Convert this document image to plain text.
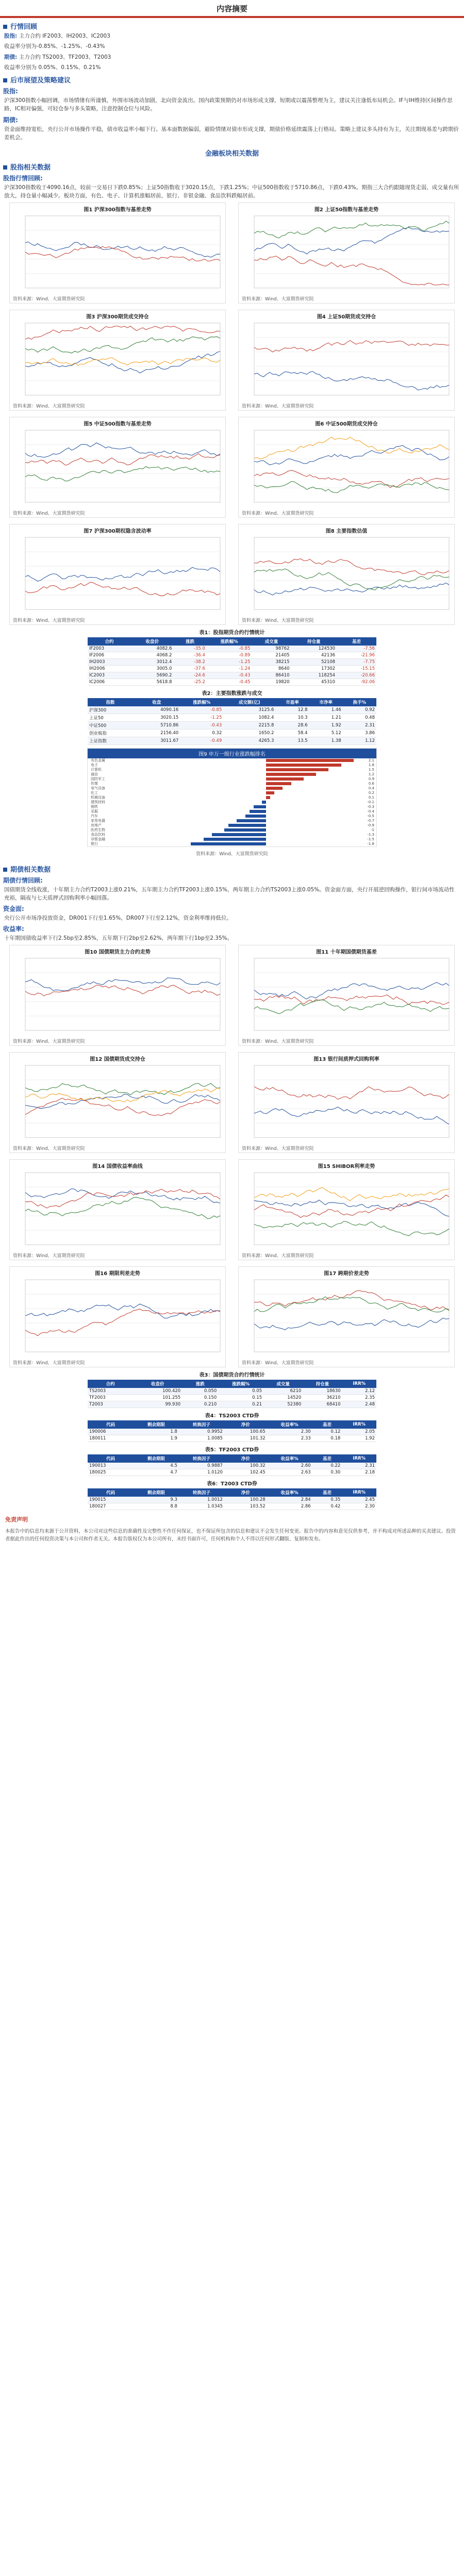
内容摘要
行情回顾
股指: 主力合约 IF2003、IH2003、IC2003
收益率分别为-0.85%、-1.25%、-0.43%
期债: 主力合约 TS2003、TF2003、T2003
收益率分别为 0.05%、0.15%、0.21%
后市展望及策略建议
股指:
沪深300指数小幅回调，市场情绪有所谨慎，外围市场波动加剧，北向资金流出。国内政策预期仍对市场形成支撑，短期或以震荡整理为主，建议关注逢低布局机会。IF与IH维持区间操作思路，IC相对偏强，可轻仓参与多头策略，注意控制仓位与风险。
期债:
资金面维持宽松，央行公开市场操作平稳，债市收益率小幅下行。基本面数据偏弱，避险情绪对债市形成支撑，期债价格延续震荡上行格局。策略上建议多头持有为主，关注期现基差与跨期价差机会。
金融板块相关数据
股指相关数据
股指行情回顾:
沪深300指数收于4090.16点，较前一交易日下跌0.85%；上证50指数收于3020.15点，下跌1.25%；中证500指数收于5710.86点，下跌0.43%。期指三大合约跟随现货走弱，成交量有所放大，持仓量小幅减少。板块方面，有色、电子、计算机涨幅居前，银行、非银金融、食品饮料跌幅居前。
图1 沪深300指数与基差走势
资料来源：Wind、大富期货研究院
图2 上证50指数与基差走势
资料来源：Wind、大富期货研究院
图3 沪深300期货成交持仓
资料来源：Wind、大富期货研究院
图4 上证50期货成交持仓
资料来源：Wind、大富期货研究院
图5 中证500指数与基差走势
资料来源：Wind、大富期货研究院
图6 中证500期货成交持仓
资料来源：Wind、大富期货研究院
图7 沪深300期权隐含波动率
资料来源：Wind、大富期货研究院
图8 主要指数估值
资料来源：Wind、大富期货研究院
表1：股指期货合约行情统计
合约	收盘价	涨跌	涨跌幅%	成交量	持仓量	基差
IF2003	4082.6	-35.0	-0.85	98762	124530	-7.56
IF2006	4068.2	-36.4	-0.89	21405	42136	-21.96
IH2003	3012.4	-38.2	-1.25	38215	52108	-7.75
IH2006	3005.0	-37.6	-1.24	8640	17302	-15.15
IC2003	5690.2	-24.6	-0.43	86410	118254	-20.66
IC2006	5618.8	-25.2	-0.45	19820	45310	-92.06
表2：主要指数涨跌与成交
指数	收盘	涨跌幅%	成交额(亿)	市盈率	市净率	换手%
沪深300	4090.16	-0.85	3125.6	12.8	1.46	0.92
上证50	3020.15	-1.25	1082.4	10.3	1.21	0.48
中证500	5710.86	-0.43	2215.8	28.6	1.92	2.31
创业板指	2156.40	0.32	1650.2	58.4	5.12	3.86
上证指数	3011.67	-0.49	4265.3	13.5	1.38	1.12
图9 申万一级行业涨跌幅排名
有色金属	2.1
电子	1.8
计算机	1.5
通信	1.2
国防军工	0.9
传媒	0.6
电气设备	0.4
化工	0.2
机械设备	0.1
建筑材料	-0.1
钢铁	-0.3
采掘	-0.4
汽车	-0.5
家用电器	-0.7
房地产	-0.9
医药生物	-1
食品饮料	-1.3
非银金融	-1.5
银行	-1.8
资料来源：Wind、大富期货研究院
期债相关数据
期债行情回顾:
国债期货全线收涨，十年期主力合约T2003上涨0.21%，五年期主力合约TF2003上涨0.15%，两年期主力合约TS2003上涨0.05%。资金面方面，央行开展逆回购操作，银行间市场流动性充裕，隔夜与七天质押式回购利率小幅回落。
资金面:
央行公开市场净投放资金，DR001下行至1.65%，DR007下行至2.12%，资金利率维持低位。
收益率:
十年期国债收益率下行2.5bp至2.85%，五年期下行2bp至2.62%，两年期下行1bp至2.35%。
图10 国债期货主力合约走势
资料来源：Wind、大富期货研究院
图11 十年期国债期货基差
资料来源：Wind、大富期货研究院
图12 国债期货成交持仓
资料来源：Wind、大富期货研究院
图13 银行间质押式回购利率
资料来源：Wind、大富期货研究院
图14 国债收益率曲线
资料来源：Wind、大富期货研究院
图15 SHIBOR利率走势
资料来源：Wind、大富期货研究院
图16 期限利差走势
资料来源：Wind、大富期货研究院
图17 跨期价差走势
资料来源：Wind、大富期货研究院
表3：国债期货合约行情统计
合约	收盘价	涨跌	涨跌幅%	成交量	持仓量	IRR%
TS2003	100.420	0.050	0.05	6210	18630	2.12
TF2003	101.255	0.150	0.15	14520	36210	2.35
T2003	99.930	0.210	0.21	52380	68410	2.48
表4：TS2003 CTD券
代码	剩余期限	转换因子	净价	收益率%	基差	IRR%
190006	1.8	0.9952	100.65	2.30	0.12	2.05
180011	1.9	1.0085	101.32	2.33	0.18	1.92
表5：TF2003 CTD券
代码	剩余期限	转换因子	净价	收益率%	基差	IRR%
190013	4.5	0.9887	100.32	2.60	0.22	2.31
180025	4.7	1.0120	102.45	2.63	0.30	2.18
表6：T2003 CTD券
代码	剩余期限	转换因子	净价	收益率%	基差	IRR%
190015	9.3	1.0012	100.28	2.84	0.35	2.45
180027	8.8	1.0345	103.52	2.86	0.42	2.30
免责声明
本报告中的信息均来源于公开资料，本公司对这些信息的准确性及完整性不作任何保证，也不保证所包含的信息和建议不会发生任何变更。报告中的内容和意见仅供参考，并不构成对所述品种的买卖建议。投资者据此作出的任何投资决策与本公司和作者无关。本报告版权仅为本公司所有，未经书面许可，任何机构和个人不得以任何形式翻版、复制和发布。
